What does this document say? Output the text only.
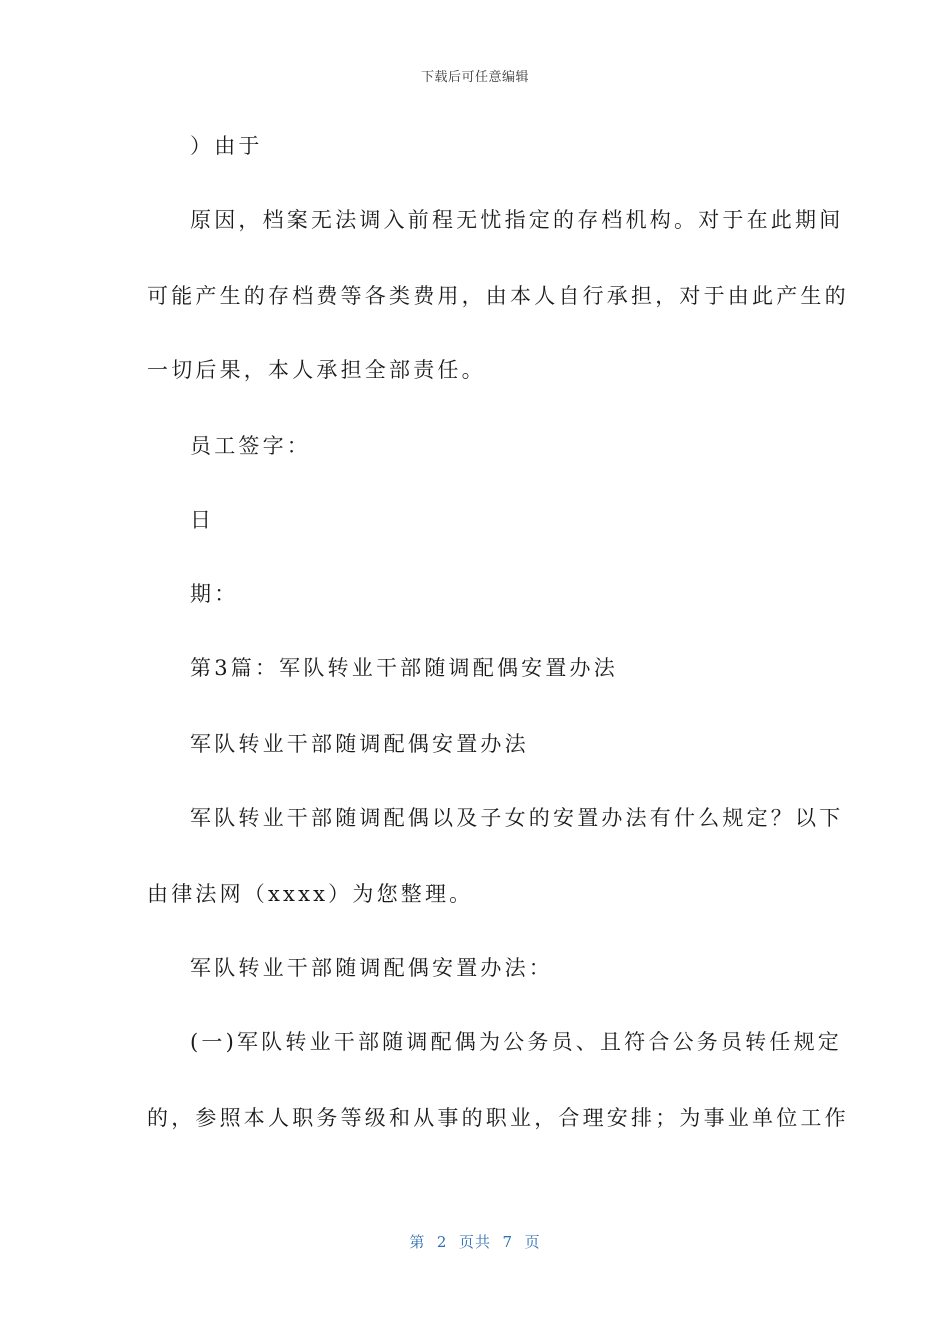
下载后可任意编辑
）由于
原因，档案无法调入前程无忧指定的存档机构。对于在此期间
可能产生的存档费等各类费用，由本人自行承担，对于由此产生的
一切后果，本人承担全部责任。
员工签字：
日
期：
第3篇：军队转业干部随调配偶安置办法
军队转业干部随调配偶安置办法
军队转业干部随调配偶以及子女的安置办法有什么规定？以下
由律法网（xxxx）为您整理。
军队转业干部随调配偶安置办法：
(一)军队转业干部随调配偶为公务员、且符合公务员转任规定
的，参照本人职务等级和从事的职业，合理安排；为事业单位工作
第  2  页共  7  页
